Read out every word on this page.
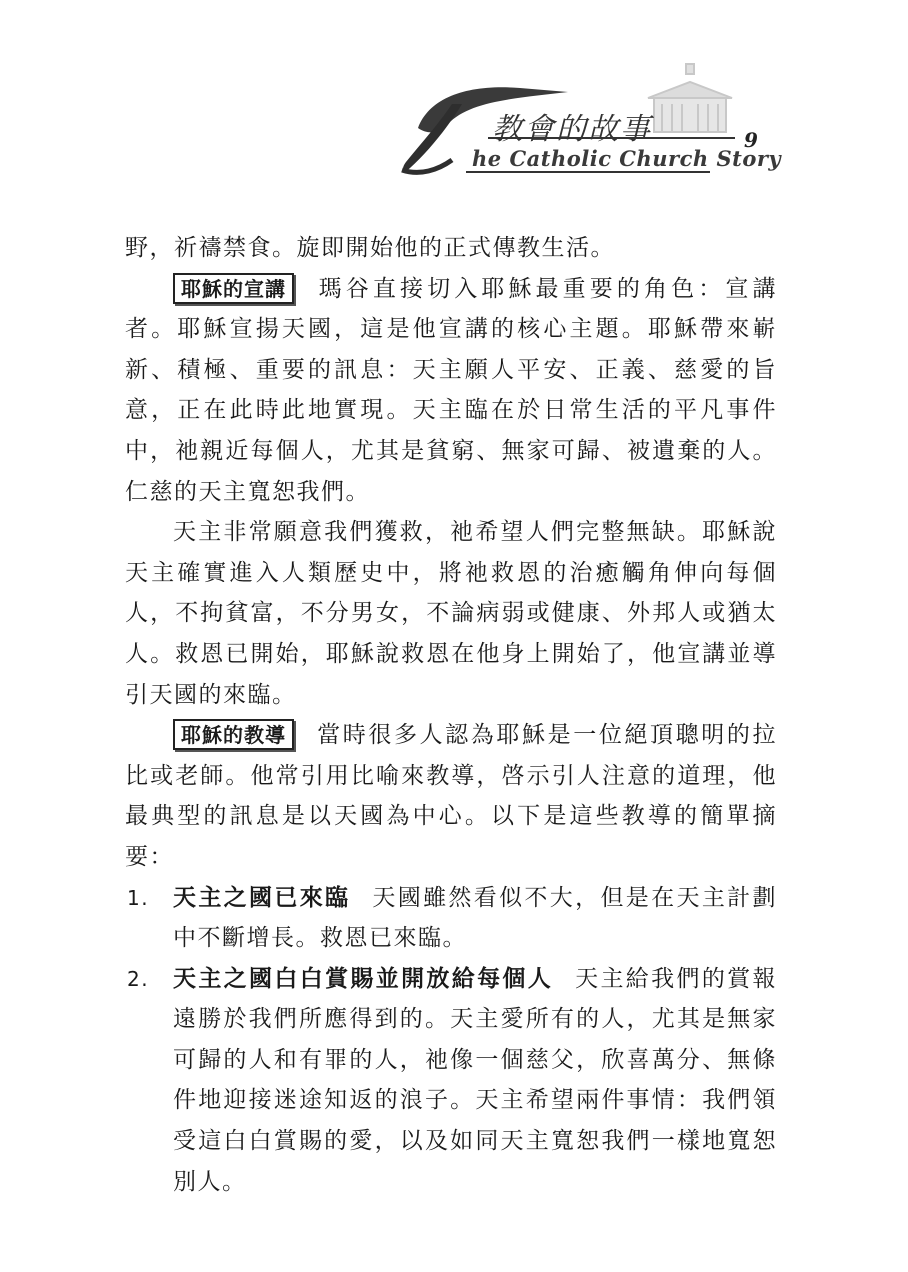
教會的故事
he Catholic Church Story
9

野，祈禱禁食。旋即開始他的正式傳教生活。

耶穌的宣講 瑪谷直接切入耶穌最重要的角色：宣講者。耶穌宣揚天國，這是他宣講的核心主題。耶穌帶來嶄新、積極、重要的訊息：天主願人平安、正義、慈愛的旨意，正在此時此地實現。天主臨在於日常生活的平凡事件中，祂親近每個人，尤其是貧窮、無家可歸、被遺棄的人。仁慈的天主寬恕我們。

天主非常願意我們獲救，祂希望人們完整無缺。耶穌說天主確實進入人類歷史中，將祂救恩的治癒觸角伸向每個人，不拘貧富，不分男女，不論病弱或健康、外邦人或猶太人。救恩已開始，耶穌說救恩在他身上開始了，他宣講並導引天國的來臨。

耶穌的教導 當時很多人認為耶穌是一位絕頂聰明的拉比或老師。他常引用比喻來教導，啓示引人注意的道理，他最典型的訊息是以天國為中心。以下是這些教導的簡單摘要：

1. 天主之國已來臨 天國雖然看似不大，但是在天主計劃中不斷增長。救恩已來臨。
2. 天主之國白白賞賜並開放給每個人 天主給我們的賞報遠勝於我們所應得到的。天主愛所有的人，尤其是無家可歸的人和有罪的人，祂像一個慈父，欣喜萬分、無條件地迎接迷途知返的浪子。天主希望兩件事情：我們領受這白白賞賜的愛，以及如同天主寬恕我們一樣地寬恕別人。
